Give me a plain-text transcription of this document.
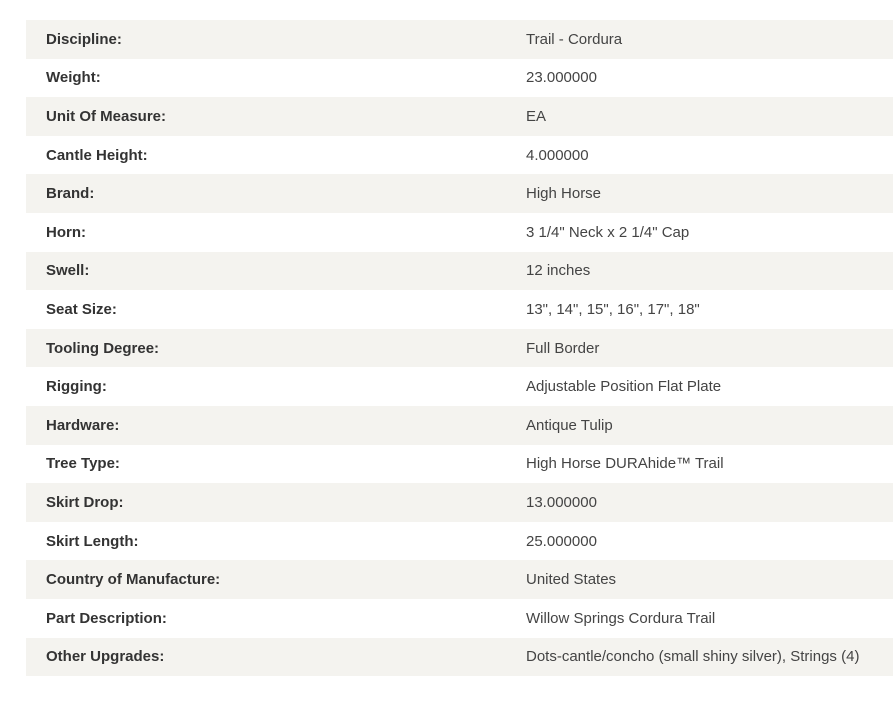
Discipline:	Trail - Cordura
Weight:	23.000000
Unit Of Measure:	EA
Cantle Height:	4.000000
Brand:	High Horse
Horn:	3 1/4" Neck x 2 1/4" Cap
Swell:	12 inches
Seat Size:	13", 14", 15", 16", 17", 18"
Tooling Degree:	Full Border
Rigging:	Adjustable Position Flat Plate
Hardware:	Antique Tulip
Tree Type:	High Horse DURAhide™ Trail
Skirt Drop:	13.000000
Skirt Length:	25.000000
Country of Manufacture:	United States
Part Description:	Willow Springs Cordura Trail
Other Upgrades:	Dots-cantle/concho (small shiny silver), Strings (4)
